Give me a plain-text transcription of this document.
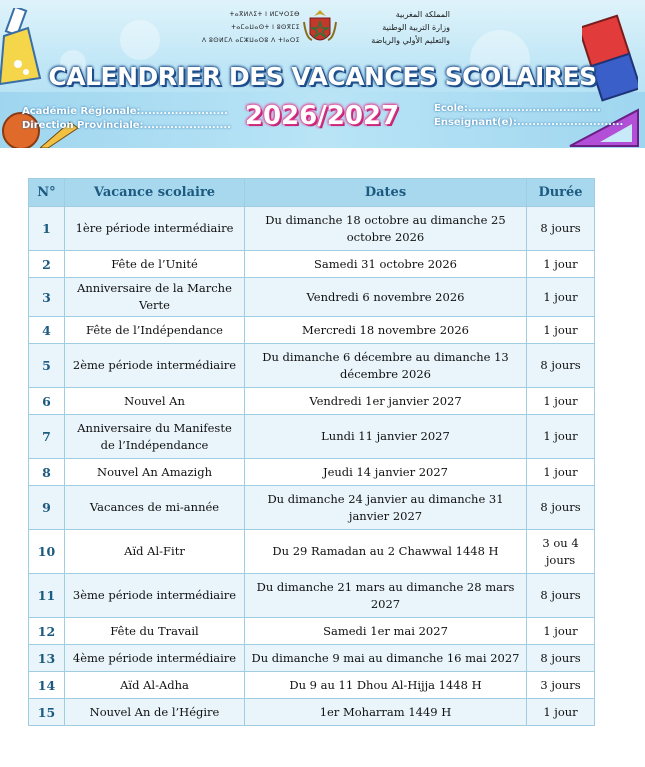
ⵜⴰⴳⵍⴷⵉⵜ ⵏ ⵍⵎⵖⵔⵉⴱ
ⵜⴰⵎⴰⵡⴰⵙⵜ ⵏ ⵓⵙⴳⵎⵉ
ⴷ ⵓⵙⵍⵎⴷ ⴰⵎⵣⵡⴰⵔⵓ ⴷ ⵜⵏⴰⵔⵉ
المملكة المغربية
وزارة التربية الوطنية
والتعليم الأولي والرياضة
CALENDRIER DES VACANCES SCOLAIRES
2026/2027
Académie Régionale:.......................
Direction Provinciale:.......................
Ecole:...................................
Enseignant(e):............................
N°	Vacance scolaire	Dates	Durée
1	1ère période intermédiaire	Du dimanche 18 octobre au dimanche 25 octobre 2026	8 jours
2	Fête de l’Unité	Samedi 31 octobre 2026	1 jour
3	Anniversaire de la Marche Verte	Vendredi 6 novembre 2026	1 jour
4	Fête de l’Indépendance	Mercredi 18 novembre 2026	1 jour
5	2ème période intermédiaire	Du dimanche 6 décembre au dimanche 13 décembre 2026	8 jours
6	Nouvel An	Vendredi 1er janvier 2027	1 jour
7	Anniversaire du Manifeste de l’Indépendance	Lundi 11 janvier 2027	1 jour
8	Nouvel An Amazigh	Jeudi 14 janvier 2027	1 jour
9	Vacances de mi-année	Du dimanche 24 janvier au dimanche 31 janvier 2027	8 jours
10	Aïd Al-Fitr	Du 29 Ramadan au 2 Chawwal 1448 H	3 ou 4 jours
11	3ème période intermédiaire	Du dimanche 21 mars au dimanche 28 mars 2027	8 jours
12	Fête du Travail	Samedi 1er mai 2027	1 jour
13	4ème période intermédiaire	Du dimanche 9 mai au dimanche 16 mai 2027	8 jours
14	Aïd Al-Adha	Du 9 au 11 Dhou Al-Hijja 1448 H	3 jours
15	Nouvel An de l’Hégire	1er Moharram 1449 H	1 jour
